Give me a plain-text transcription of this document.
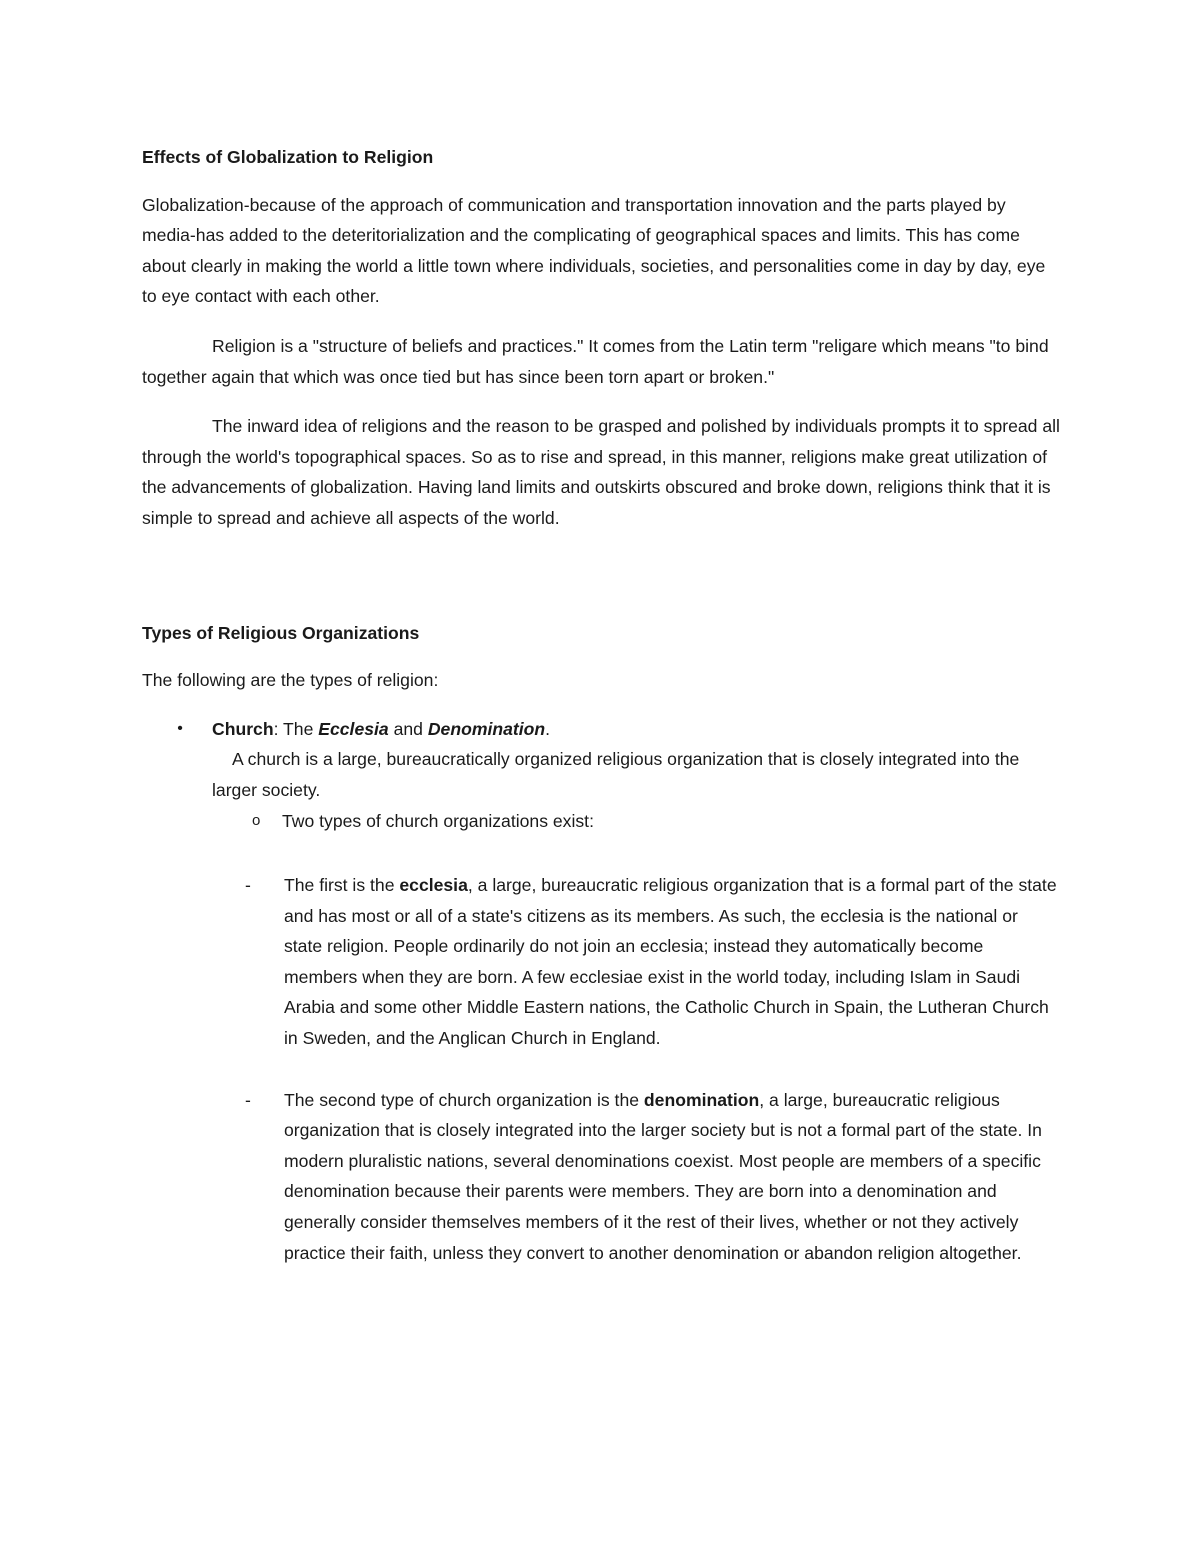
Effects of Globalization to Religion

Globalization-because of the approach of communication and transportation innovation and the parts played by media-has added to the deteritorialization and the complicating of geographical spaces and limits. This has come about clearly in making the world a little town where individuals, societies, and personalities come in day by day, eye to eye contact with each other.

Religion is a "structure of beliefs and practices." It comes from the Latin term "religare which means "to bind together again that which was once tied but has since been torn apart or broken."

The inward idea of religions and the reason to be grasped and polished by individuals prompts it to spread all through the world's topographical spaces. So as to rise and spread, in this manner, religions make great utilization of the advancements of globalization. Having land limits and outskirts obscured and broke down, religions think that it is simple to spread and achieve all aspects of the world.

Types of Religious Organizations

The following are the types of religion:

• Church: The Ecclesia and Denomination.

A church is a large, bureaucratically organized religious organization that is closely integrated into the larger society.

o Two types of church organizations exist:

- The first is the ecclesia, a large, bureaucratic religious organization that is a formal part of the state and has most or all of a state's citizens as its members. As such, the ecclesia is the national or state religion. People ordinarily do not join an ecclesia; instead they automatically become members when they are born. A few ecclesiae exist in the world today, including Islam in Saudi Arabia and some other Middle Eastern nations, the Catholic Church in Spain, the Lutheran Church in Sweden, and the Anglican Church in England.

- The second type of church organization is the denomination, a large, bureaucratic religious organization that is closely integrated into the larger society but is not a formal part of the state. In modern pluralistic nations, several denominations coexist. Most people are members of a specific denomination because their parents were members. They are born into a denomination and generally consider themselves members of it the rest of their lives, whether or not they actively practice their faith, unless they convert to another denomination or abandon religion altogether.
